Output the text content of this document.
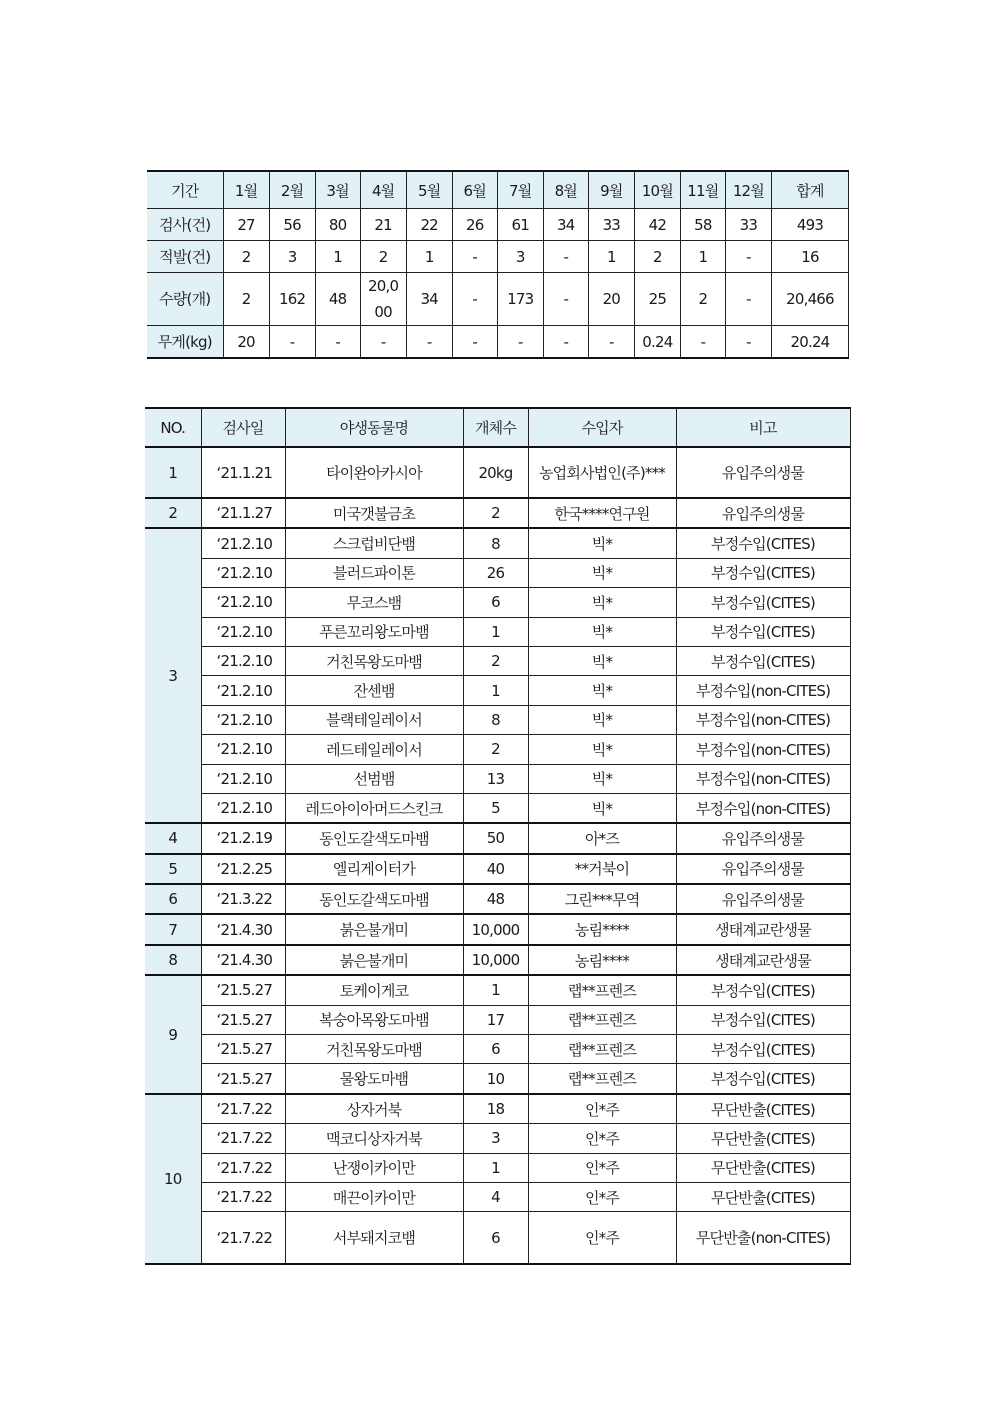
기간	1월	2월	3월	4월	5월	6월	7월	8월	9월	10월	11월	12월	합계
검사(건)	27	56	80	21	22	26	61	34	33	42	58	33	493
적발(건)	2	3	1	2	1	-	3	-	1	2	1	-	16
수량(개)	2	162	48	20,000	34	-	173	-	20	25	2	-	20,466
무게(kg)	20	-	-	-	-	-	-	-	-	0.24	-	-	20.24
NO.	검사일	야생동물명	개체수	수입자	비고
1	‘21.1.21	타이완아카시아	20kg	농업회사법인(주)***	유입주의생물
2	‘21.1.27	미국갯불금초	2	한국****연구원	유입주의생물
3	‘21.2.10	스크럽비단뱀	8	빅*	부정수입(CITES)
	‘21.2.10	블러드파이톤	26	빅*	부정수입(CITES)
	‘21.2.10	무코스뱀	6	빅*	부정수입(CITES)
	‘21.2.10	푸른꼬리왕도마뱀	1	빅*	부정수입(CITES)
	‘21.2.10	거친목왕도마뱀	2	빅*	부정수입(CITES)
	‘21.2.10	잔센뱀	1	빅*	부정수입(non-CITES)
	‘21.2.10	블랙테일레이서	8	빅*	부정수입(non-CITES)
	‘21.2.10	레드테일레이서	2	빅*	부정수입(non-CITES)
	‘21.2.10	선범뱀	13	빅*	부정수입(non-CITES)
	‘21.2.10	레드아이아머드스킨크	5	빅*	부정수입(non-CITES)
4	‘21.2.19	동인도갈색도마뱀	50	아*즈	유입주의생물
5	‘21.2.25	엘리게이터가	40	**거북이	유입주의생물
6	‘21.3.22	동인도갈색도마뱀	48	그린***무역	유입주의생물
7	‘21.4.30	붉은불개미	10,000	농림****	생태계교란생물
8	‘21.4.30	붉은불개미	10,000	농림****	생태계교란생물
9	‘21.5.27	토케이게코	1	랩**프렌즈	부정수입(CITES)
	‘21.5.27	복숭아목왕도마뱀	17	랩**프렌즈	부정수입(CITES)
	‘21.5.27	거친목왕도마뱀	6	랩**프렌즈	부정수입(CITES)
	‘21.5.27	물왕도마뱀	10	랩**프렌즈	부정수입(CITES)
10	‘21.7.22	상자거북	18	인*주	무단반출(CITES)
	‘21.7.22	맥코디상자거북	3	인*주	무단반출(CITES)
	‘21.7.22	난쟁이카이만	1	인*주	무단반출(CITES)
	‘21.7.22	매끈이카이만	4	인*주	무단반출(CITES)
	‘21.7.22	서부돼지코뱀	6	인*주	무단반출(non-CITES)
